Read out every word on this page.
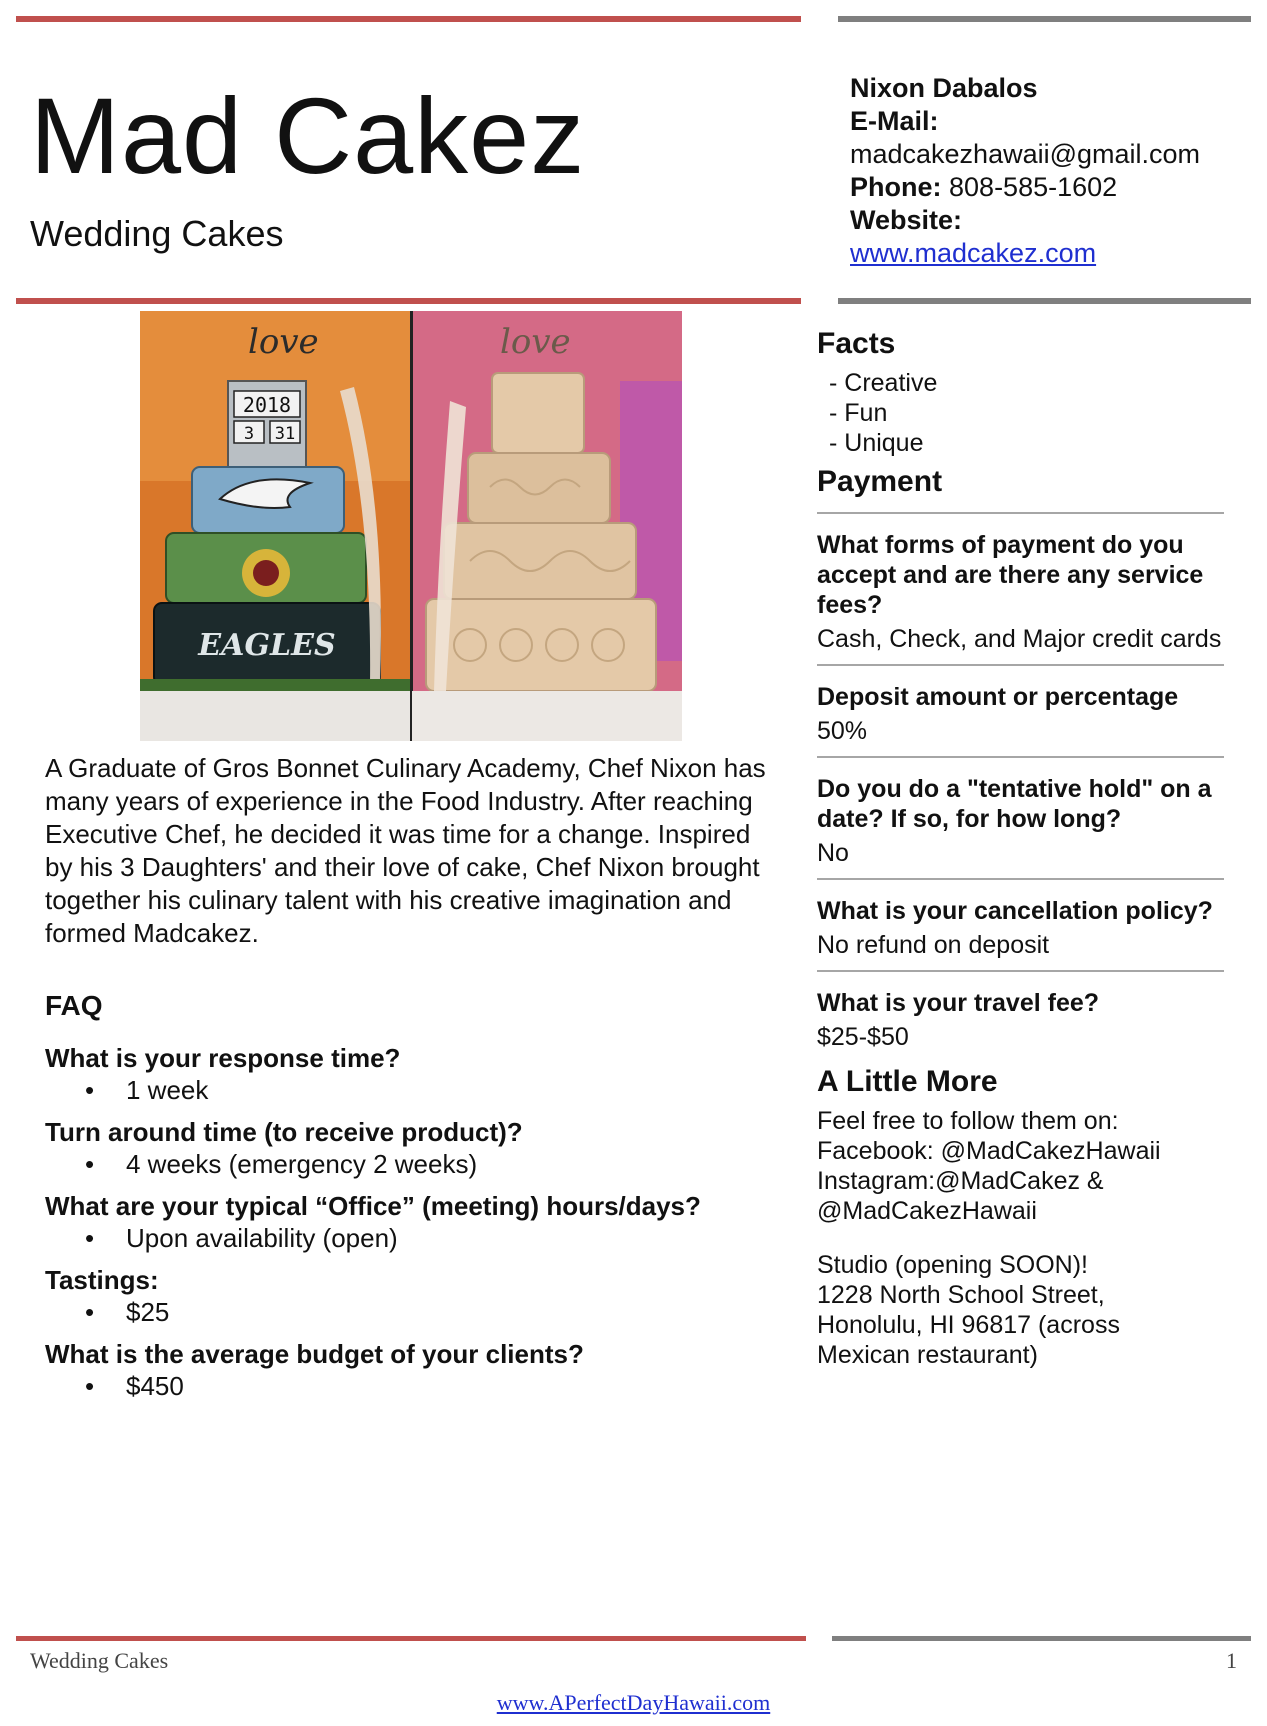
Mad Cakez
Wedding Cakes
Nixon Dabalos
E-Mail:
madcakezhawaii@gmail.com
Phone: 808-585-1602
Website:
www.madcakez.com
love
2018
3 31
EAGLES
love
A Graduate of Gros Bonnet Culinary Academy, Chef Nixon has many years of experience in the Food Industry. After reaching Executive Chef, he decided it was time for a change. Inspired by his 3 Daughters' and their love of cake, Chef Nixon brought together his culinary talent with his creative imagination and formed Madcakez.
FAQ
What is your response time?
• 1 week
Turn around time (to receive product)?
• 4 weeks (emergency 2 weeks)
What are your typical “Office” (meeting) hours/days?
• Upon availability (open)
Tastings:
• $25
What is the average budget of your clients?
• $450
Facts
- Creative
- Fun
- Unique
Payment
What forms of payment do you accept and are there any service fees?
Cash, Check, and Major credit cards
Deposit amount or percentage
50%
Do you do a "tentative hold" on a date? If so, for how long?
No
What is your cancellation policy?
No refund on deposit
What is your travel fee?
$25-$50
A Little More
Feel free to follow them on:
Facebook: @MadCakezHawaii
Instagram:@MadCakez &
@MadCakezHawaii
Studio (opening SOON)!
1228 North School Street,
Honolulu, HI 96817 (across
Mexican restaurant)
Wedding Cakes	1
www.APerfectDayHawaii.com
